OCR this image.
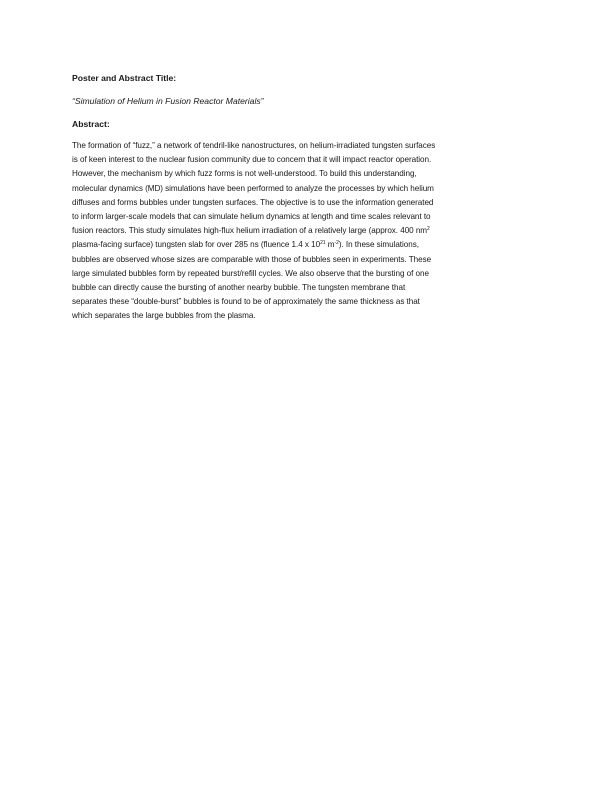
Poster and Abstract Title:
“Simulation of Helium in Fusion Reactor Materials”
Abstract:
The formation of “fuzz,” a network of tendril-like nanostructures, on helium-irradiated tungsten surfaces
is of keen interest to the nuclear fusion community due to concern that it will impact reactor operation.
However, the mechanism by which fuzz forms is not well-understood. To build this understanding,
molecular dynamics (MD) simulations have been performed to analyze the processes by which helium
diffuses and forms bubbles under tungsten surfaces. The objective is to use the information generated
to inform larger-scale models that can simulate helium dynamics at length and time scales relevant to
fusion reactors. This study simulates high-flux helium irradiation of a relatively large (approx. 400 $nm^2$
plasma-facing surface) tungsten slab for over 285 ns (fluence 1.4 x $10^{21}$ $m^{-2}$). In these simulations,
bubbles are observed whose sizes are comparable with those of bubbles seen in experiments. These
large simulated bubbles form by repeated burst/refill cycles. We also observe that the bursting of one
bubble can directly cause the bursting of another nearby bubble. The tungsten membrane that
separates these “double-burst” bubbles is found to be of approximately the same thickness as that
which separates the large bubbles from the plasma.
